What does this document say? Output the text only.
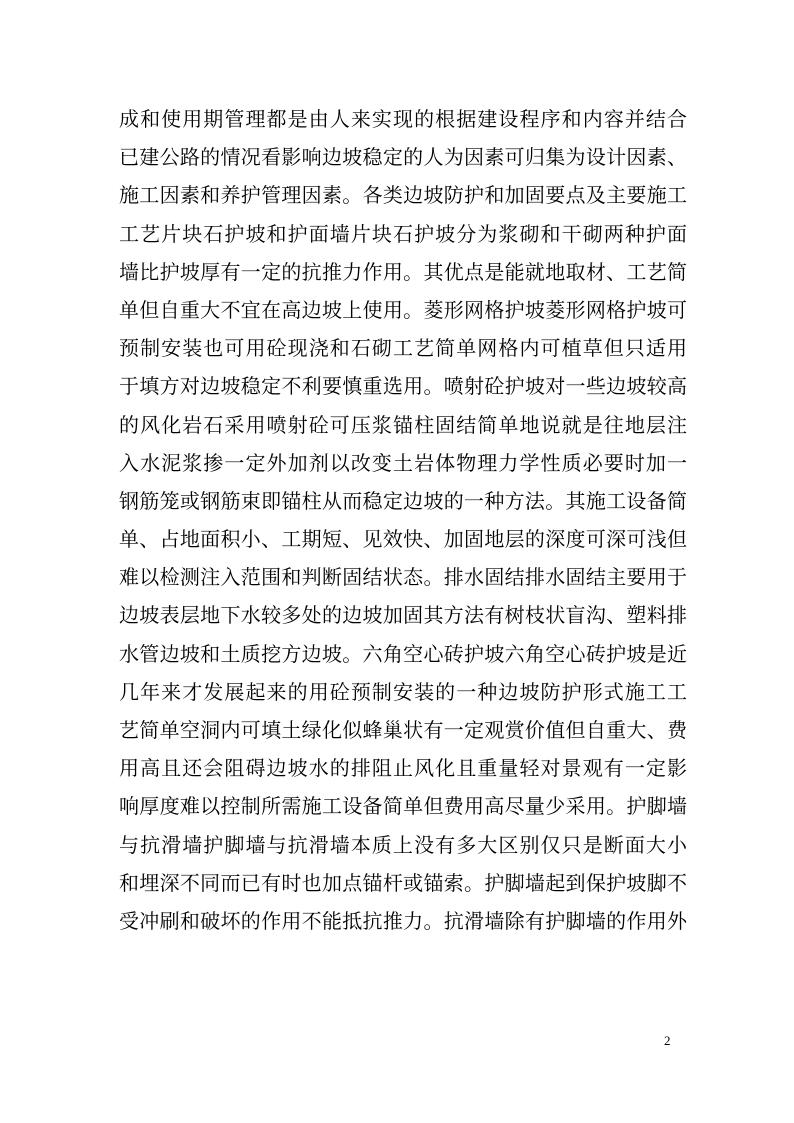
成和使用期管理都是由人来实现的根据建设程序和内容并结合
已建公路的情况看影响边坡稳定的人为因素可归集为设计因素、
施工因素和养护管理因素。各类边坡防护和加固要点及主要施工
工艺片块石护坡和护面墙片块石护坡分为浆砌和干砌两种护面
墙比护坡厚有一定的抗推力作用。其优点是能就地取材、工艺简
单但自重大不宜在高边坡上使用。菱形网格护坡菱形网格护坡可
预制安装也可用砼现浇和石砌工艺简单网格内可植草但只适用
于填方对边坡稳定不利要慎重选用。喷射砼护坡对一些边坡较高
的风化岩石采用喷射砼可压浆锚柱固结简单地说就是往地层注
入水泥浆掺一定外加剂以改变土岩体物理力学性质必要时加一
钢筋笼或钢筋束即锚柱从而稳定边坡的一种方法。其施工设备简
单、占地面积小、工期短、见效快、加固地层的深度可深可浅但
难以检测注入范围和判断固结状态。排水固结排水固结主要用于
边坡表层地下水较多处的边坡加固其方法有树枝状盲沟、塑料排
水管边坡和土质挖方边坡。六角空心砖护坡六角空心砖护坡是近
几年来才发展起来的用砼预制安装的一种边坡防护形式施工工
艺简单空洞内可填土绿化似蜂巢状有一定观赏价值但自重大、费
用高且还会阻碍边坡水的排阻止风化且重量轻对景观有一定影
响厚度难以控制所需施工设备简单但费用高尽量少采用。护脚墙
与抗滑墙护脚墙与抗滑墙本质上没有多大区别仅只是断面大小
和埋深不同而已有时也加点锚杆或锚索。护脚墙起到保护坡脚不
受冲刷和破坏的作用不能抵抗推力。抗滑墙除有护脚墙的作用外
2
